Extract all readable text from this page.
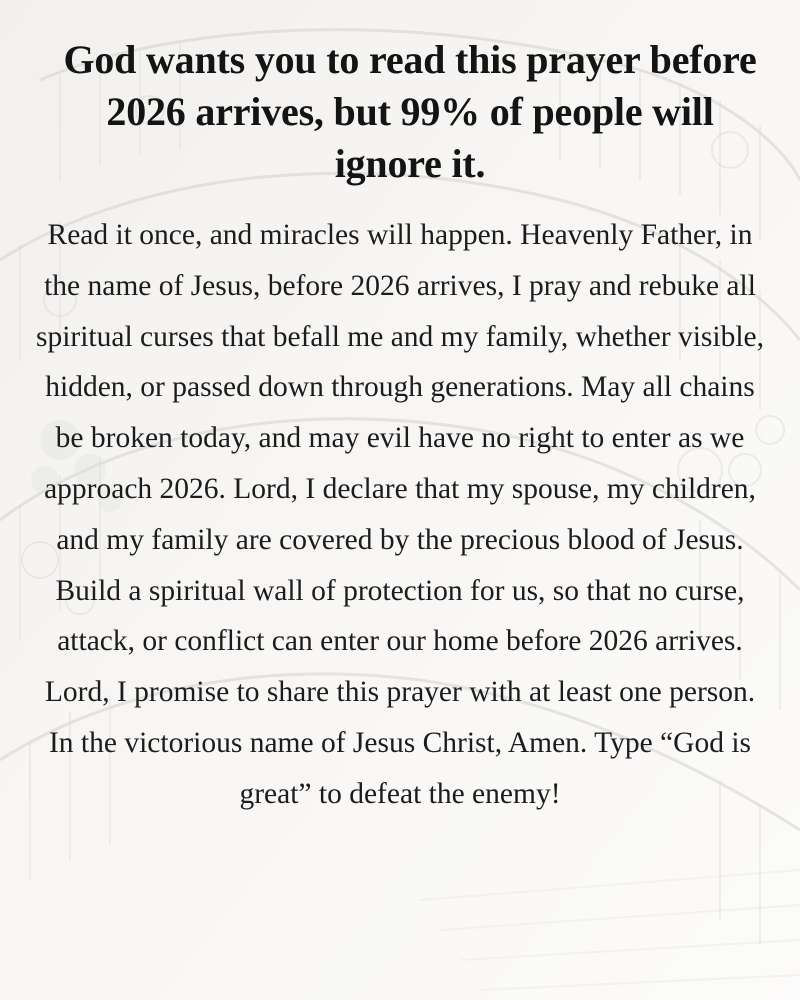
God wants you to read this prayer before 2026 arrives, but 99% of people will ignore it.

Read it once, and miracles will happen. Heavenly Father, in the name of Jesus, before 2026 arrives, I pray and rebuke all spiritual curses that befall me and my family, whether visible, hidden, or passed down through generations. May all chains be broken today, and may evil have no right to enter as we approach 2026. Lord, I declare that my spouse, my children, and my family are covered by the precious blood of Jesus. Build a spiritual wall of protection for us, so that no curse, attack, or conflict can enter our home before 2026 arrives. Lord, I promise to share this prayer with at least one person. In the victorious name of Jesus Christ, Amen. Type “God is great” to defeat the enemy!
